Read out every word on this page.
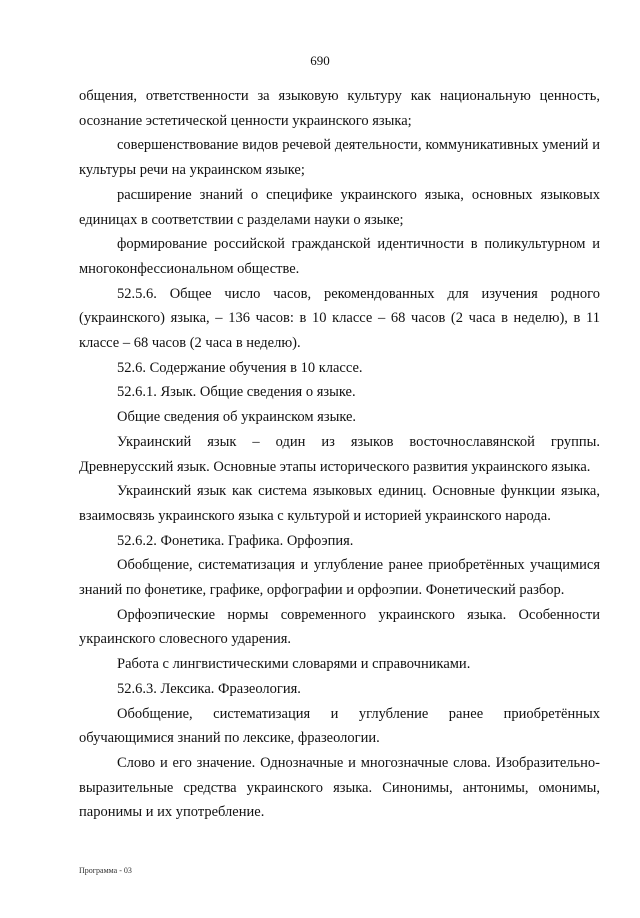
690

общения, ответственности за языковую культуру как национальную ценность, осознание эстетической ценности украинского языка;

совершенствование видов речевой деятельности, коммуникативных умений и культуры речи на украинском языке;

расширение знаний о специфике украинского языка, основных языковых единицах в соответствии с разделами науки о языке;

формирование российской гражданской идентичности в поликультурном и многоконфессиональном обществе.

52.5.6. Общее число часов, рекомендованных для изучения родного (украинского) языка, – 136 часов: в 10 классе – 68 часов (2 часа в неделю), в 11 классе – 68 часов (2 часа в неделю).

52.6. Содержание обучения в 10 классе.

52.6.1. Язык. Общие сведения о языке.

Общие сведения об украинском языке.

Украинский язык – один из языков восточнославянской группы. Древнерусский язык. Основные этапы исторического развития украинского языка.

Украинский язык как система языковых единиц. Основные функции языка, взаимосвязь украинского языка с культурой и историей украинского народа.

52.6.2. Фонетика. Графика. Орфоэпия.

Обобщение, систематизация и углубление ранее приобретённых учащимися знаний по фонетике, графике, орфографии и орфоэпии. Фонетический разбор.

Орфоэпические нормы современного украинского языка. Особенности украинского словесного ударения.

Работа с лингвистическими словарями и справочниками.

52.6.3. Лексика. Фразеология.

Обобщение, систематизация и углубление ранее приобретённых обучающимися знаний по лексике, фразеологии.

Слово и его значение. Однозначные и многозначные слова. Изобразительно-выразительные средства украинского языка. Синонимы, антонимы, омонимы, паронимы и их употребление.

Программа - 03
